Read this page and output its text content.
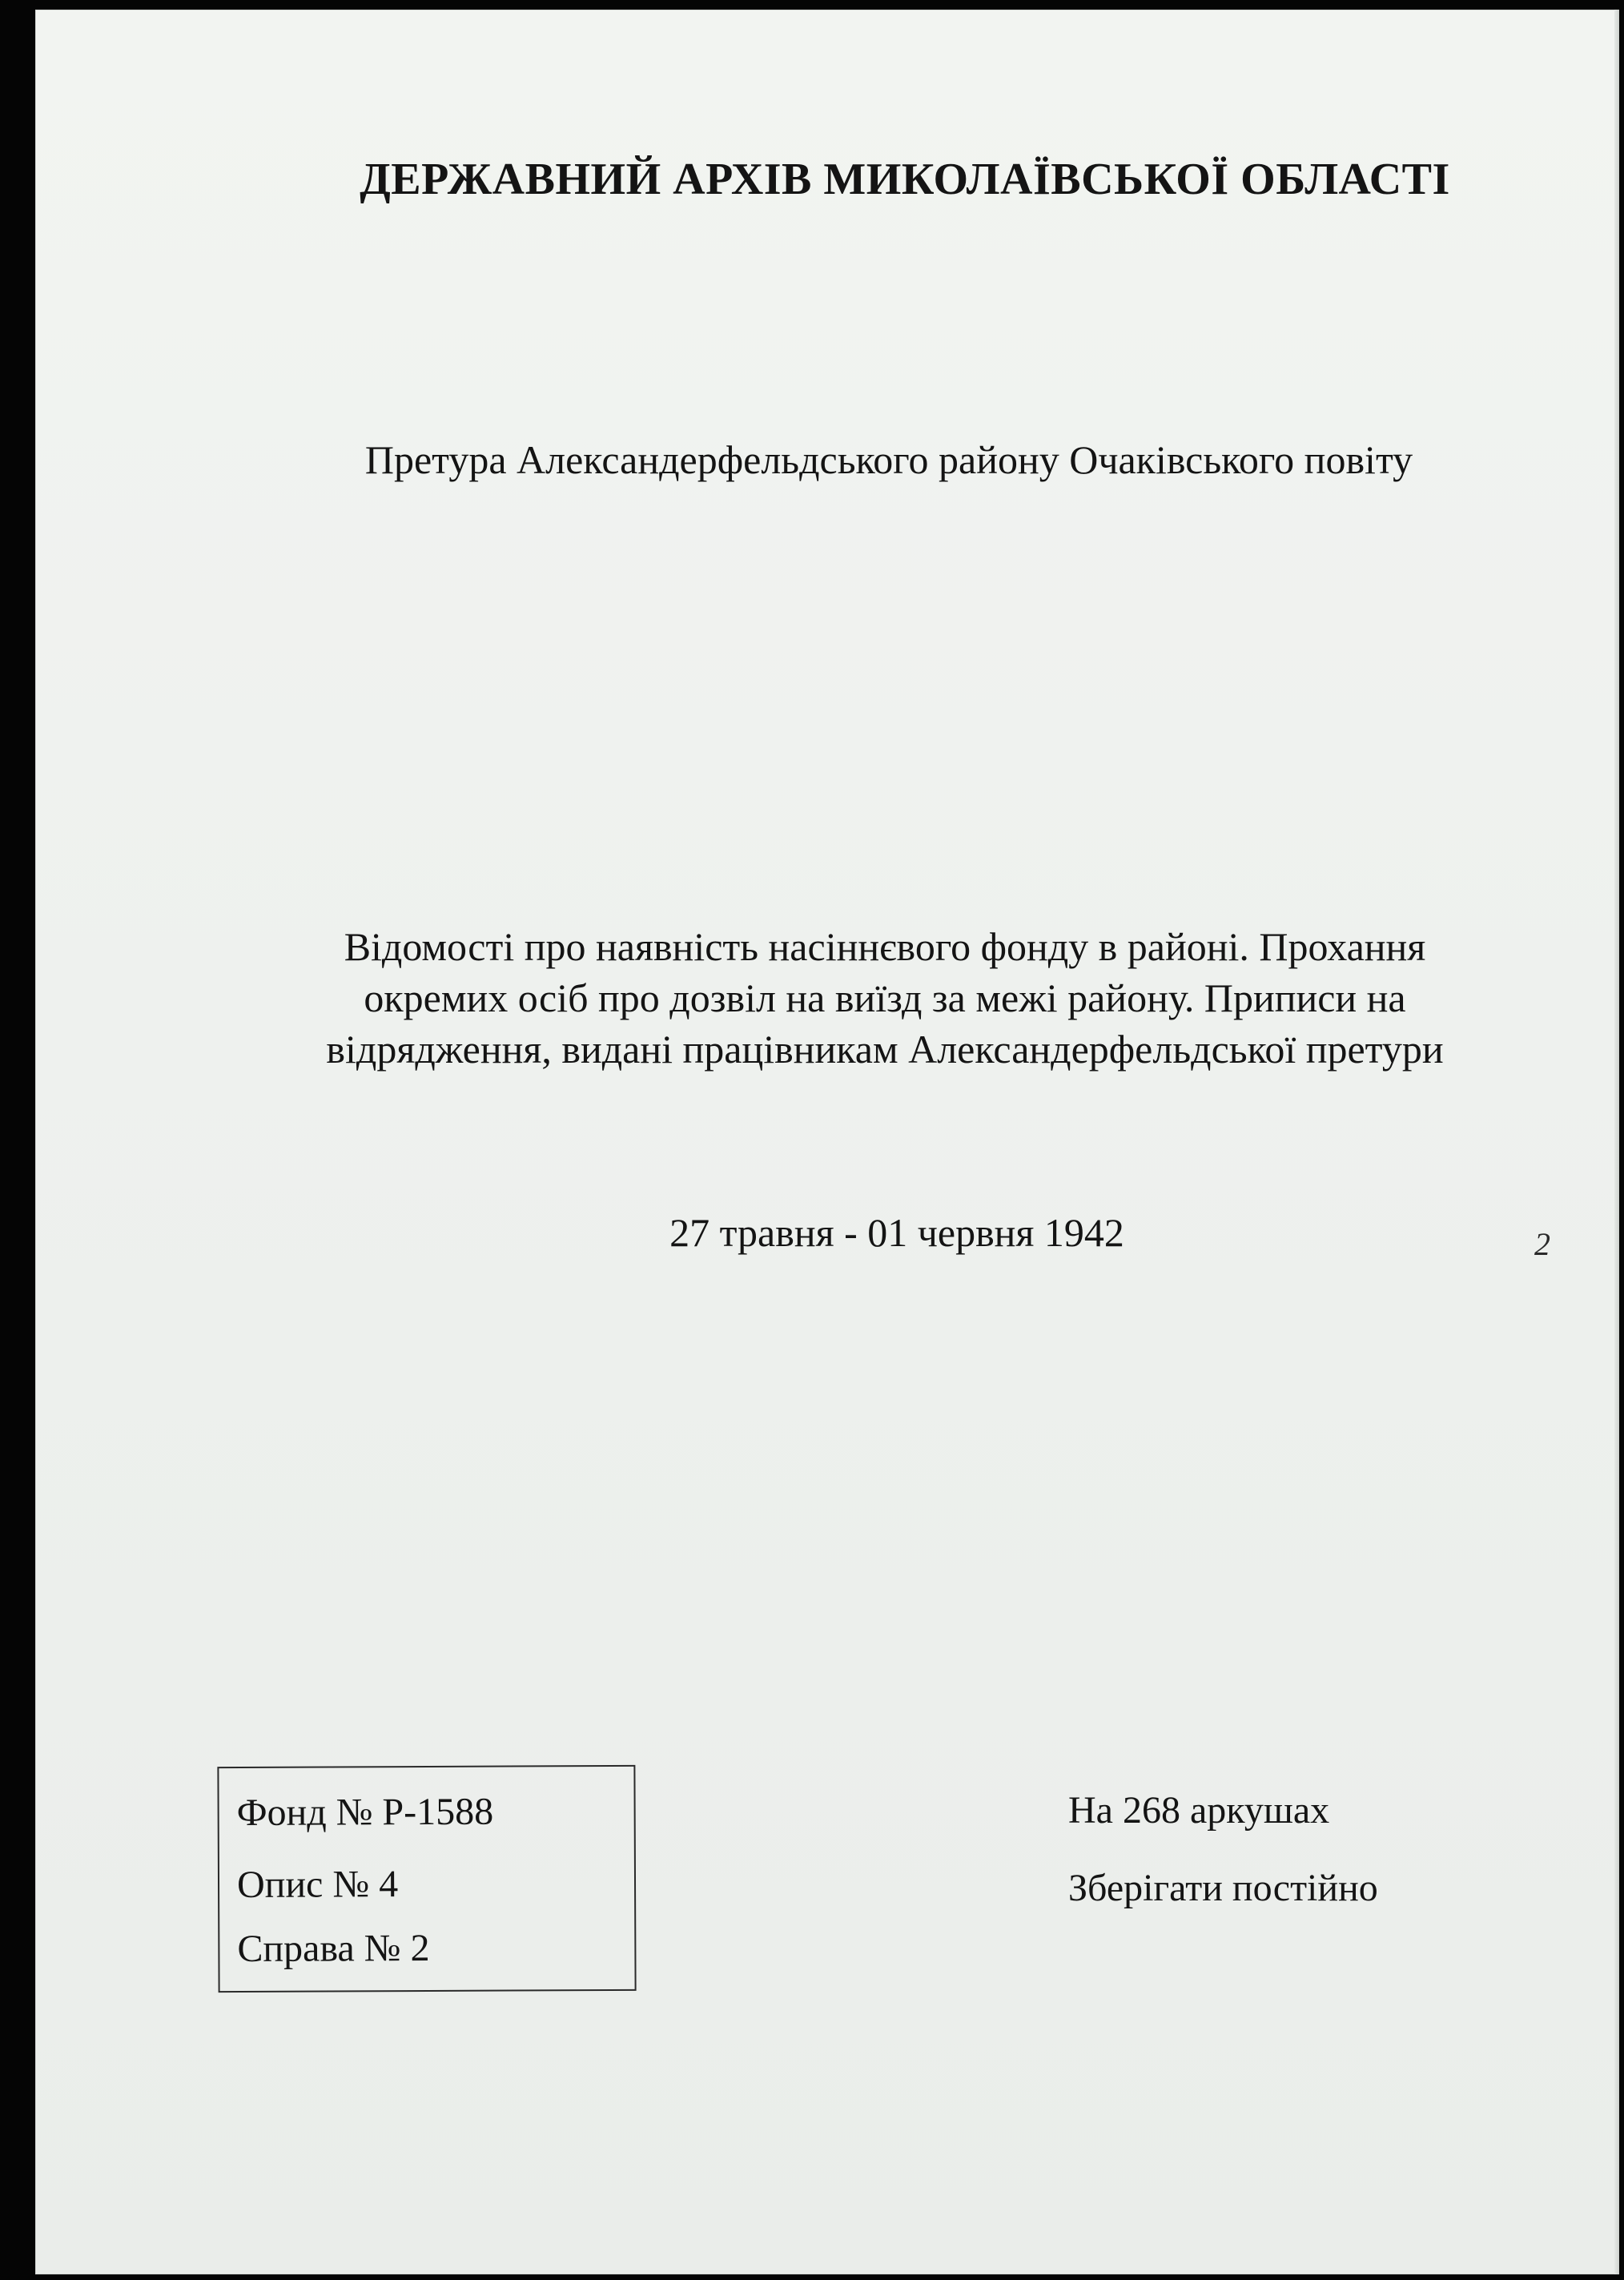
ДЕРЖАВНИЙ АРХІВ МИКОЛАЇВСЬКОЇ ОБЛАСТІ
Претура Александерфельдського району Очаківського повіту
Відомості про наявність насіннєвого фонду в районі. Прохання
окремих осіб про дозвіл на виїзд за межі району. Приписи на
відрядження, видані працівникам Александерфельдської претури
27 травня - 01 червня 1942	2
Фонд № Р-1588
Опис № 4
Справа № 2
На 268 аркушах
Зберігати постійно
